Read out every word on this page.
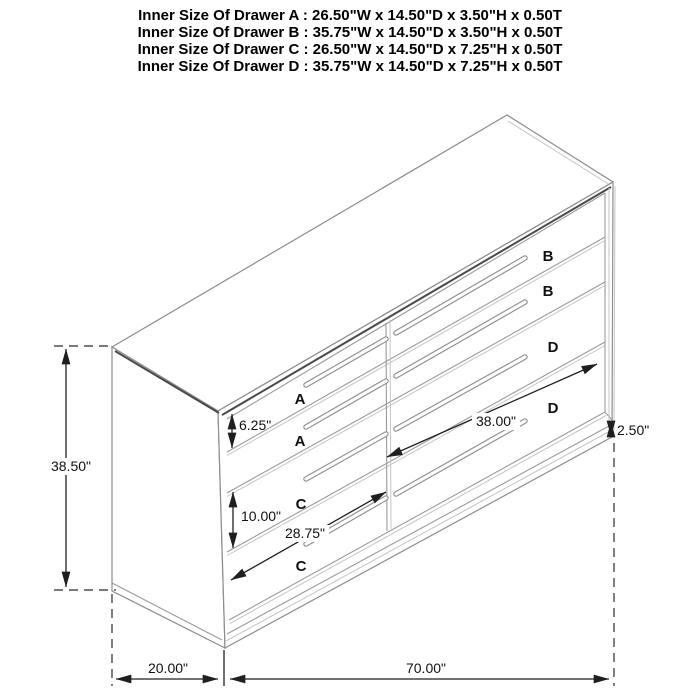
Inner Size Of Drawer A : 26.50"W x 14.50"D x 3.50"H x 0.50T
Inner Size Of Drawer B : 35.75"W x 14.50"D x 3.50"H x 0.50T
Inner Size Of Drawer C : 26.50"W x 14.50"D x 7.25"H x 0.50T
Inner Size Of Drawer D : 35.75"W x 14.50"D x 7.25"H x 0.50T
A
A
B
B
C
C
D
D
38.50"
6.25"
10.00"
28.75"
38.00"
2.50"
20.00"	70.00"
